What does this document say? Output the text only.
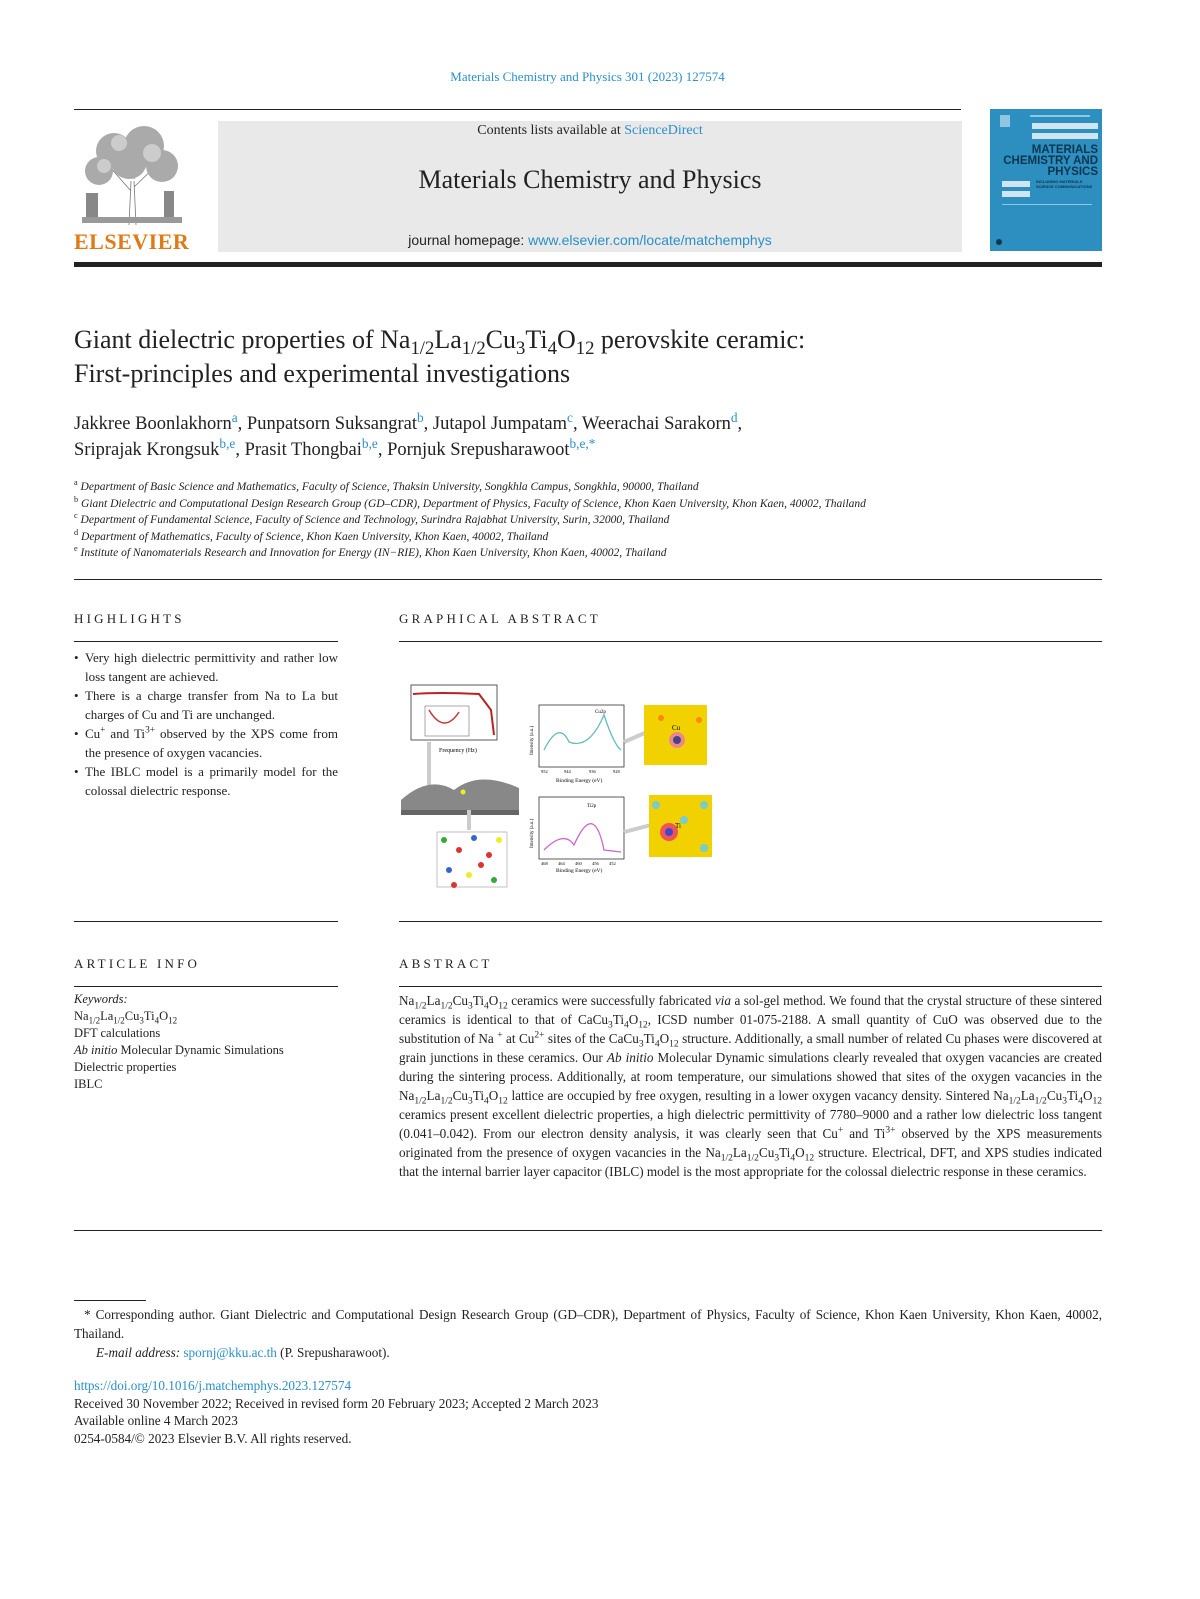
Materials Chemistry and Physics 301 (2023) 127574
ELSEVIER
Contents lists available at ScienceDirect
Materials Chemistry and Physics
journal homepage: www.elsevier.com/locate/matchemphys
MATERIALS
CHEMISTRY AND
PHYSICS
INCLUDING MATERIALS SCIENCE COMMUNICATIONS
Giant dielectric properties of $Na_{1/2}La_{1/2}Cu_3Ti_4O_{12}$ perovskite ceramic:
First-principles and experimental investigations
Jakkree Boonlakhorn$^a$, Punpatsorn Suksangrat$^b$, Jutapol Jumpatam$^c$, Weerachai Sarakorn$^d$,
Sriprajak Krongsuk$^{b,e}$, Prasit Thongbai$^{b,e}$, Pornjuk Srepusharawoot$^{b,e,*}$
$^a$ Department of Basic Science and Mathematics, Faculty of Science, Thaksin University, Songkhla Campus, Songkhla, 90000, Thailand
$^b$ Giant Dielectric and Computational Design Research Group (GD–CDR), Department of Physics, Faculty of Science, Khon Kaen University, Khon Kaen, 40002, Thailand
$^c$ Department of Fundamental Science, Faculty of Science and Technology, Surindra Rajabhat University, Surin, 32000, Thailand
$^d$ Department of Mathematics, Faculty of Science, Khon Kaen University, Khon Kaen, 40002, Thailand
$^e$ Institute of Nanomaterials Research and Innovation for Energy (IN−RIE), Khon Kaen University, Khon Kaen, 40002, Thailand
HIGHLIGHTS
• Very high dielectric permittivity and rather low loss tangent are achieved.
• There is a charge transfer from Na to La but charges of Cu and Ti are unchanged.
• Cu+ and $Ti^{3+}$ observed by the XPS come from the presence of oxygen vacancies.
• The IBLC model is a primarily model for the colossal dielectric response.
GRAPHICAL ABSTRACT
Frequency (Hz)
Cu2p
Intensity (a.u.)
952	944	936	928
Binding Energy (eV)
Cu
Ti2p
Intensity (a.u.)
468 464 460 456 452
Binding Energy (eV)
Ti
ARTICLE INFO
Keywords:
$Na_{1/2}La_{1/2}Cu_3Ti_4O_{12}$
DFT calculations
Ab initio Molecular Dynamic Simulations
Dielectric properties
IBLC
ABSTRACT
$Na_{1/2}La_{1/2}Cu_3Ti_4O_{12}$ ceramics were successfully fabricated via a sol-gel method. We found that the crystal structure of these sintered ceramics is identical to that of $CaCu_3Ti_4O_{12}$, ICSD number 01-075-2188. A small quantity of CuO was observed due to the substitution of Na + at $Cu^{2+}$ sites of the $CaCu_3Ti_4O_{12}$ structure. Additionally, a small number of related Cu phases were discovered at grain junctions in these ceramics. Our Ab initio Molecular Dynamic simulations clearly revealed that oxygen vacancies are created during the sintering process. Additionally, at room temperature, our simulations showed that sites of the oxygen vacancies in the $Na_{1/2}La_{1/2}Cu_3Ti_4O_{12}$ lattice are occupied by free oxygen, resulting in a lower oxygen vacancy density. Sintered $Na_{1/2}La_{1/2}Cu_3Ti_4O_{12}$ ceramics present excellent dielectric properties, a high dielectric permittivity of 7780–9000 and a rather low dielectric loss tangent (0.041–0.042). From our electron density analysis, it was clearly seen that Cu+ and $Ti^{3+}$ observed by the XPS measurements originated from the presence of oxygen vacancies in the $Na_{1/2}La_{1/2}Cu_3Ti_4O_{12}$ structure. Electrical, DFT, and XPS studies indicated that the internal barrier layer capacitor (IBLC) model is the most appropriate for the colossal dielectric response in these ceramics.
* Corresponding author. Giant Dielectric and Computational Design Research Group (GD–CDR), Department of Physics, Faculty of Science, Khon Kaen University, Khon Kaen, 40002, Thailand.
E-mail address: spornj@kku.ac.th (P. Srepusharawoot).
https://doi.org/10.1016/j.matchemphys.2023.127574
Received 30 November 2022; Received in revised form 20 February 2023; Accepted 2 March 2023
Available online 4 March 2023
0254-0584/© 2023 Elsevier B.V. All rights reserved.
